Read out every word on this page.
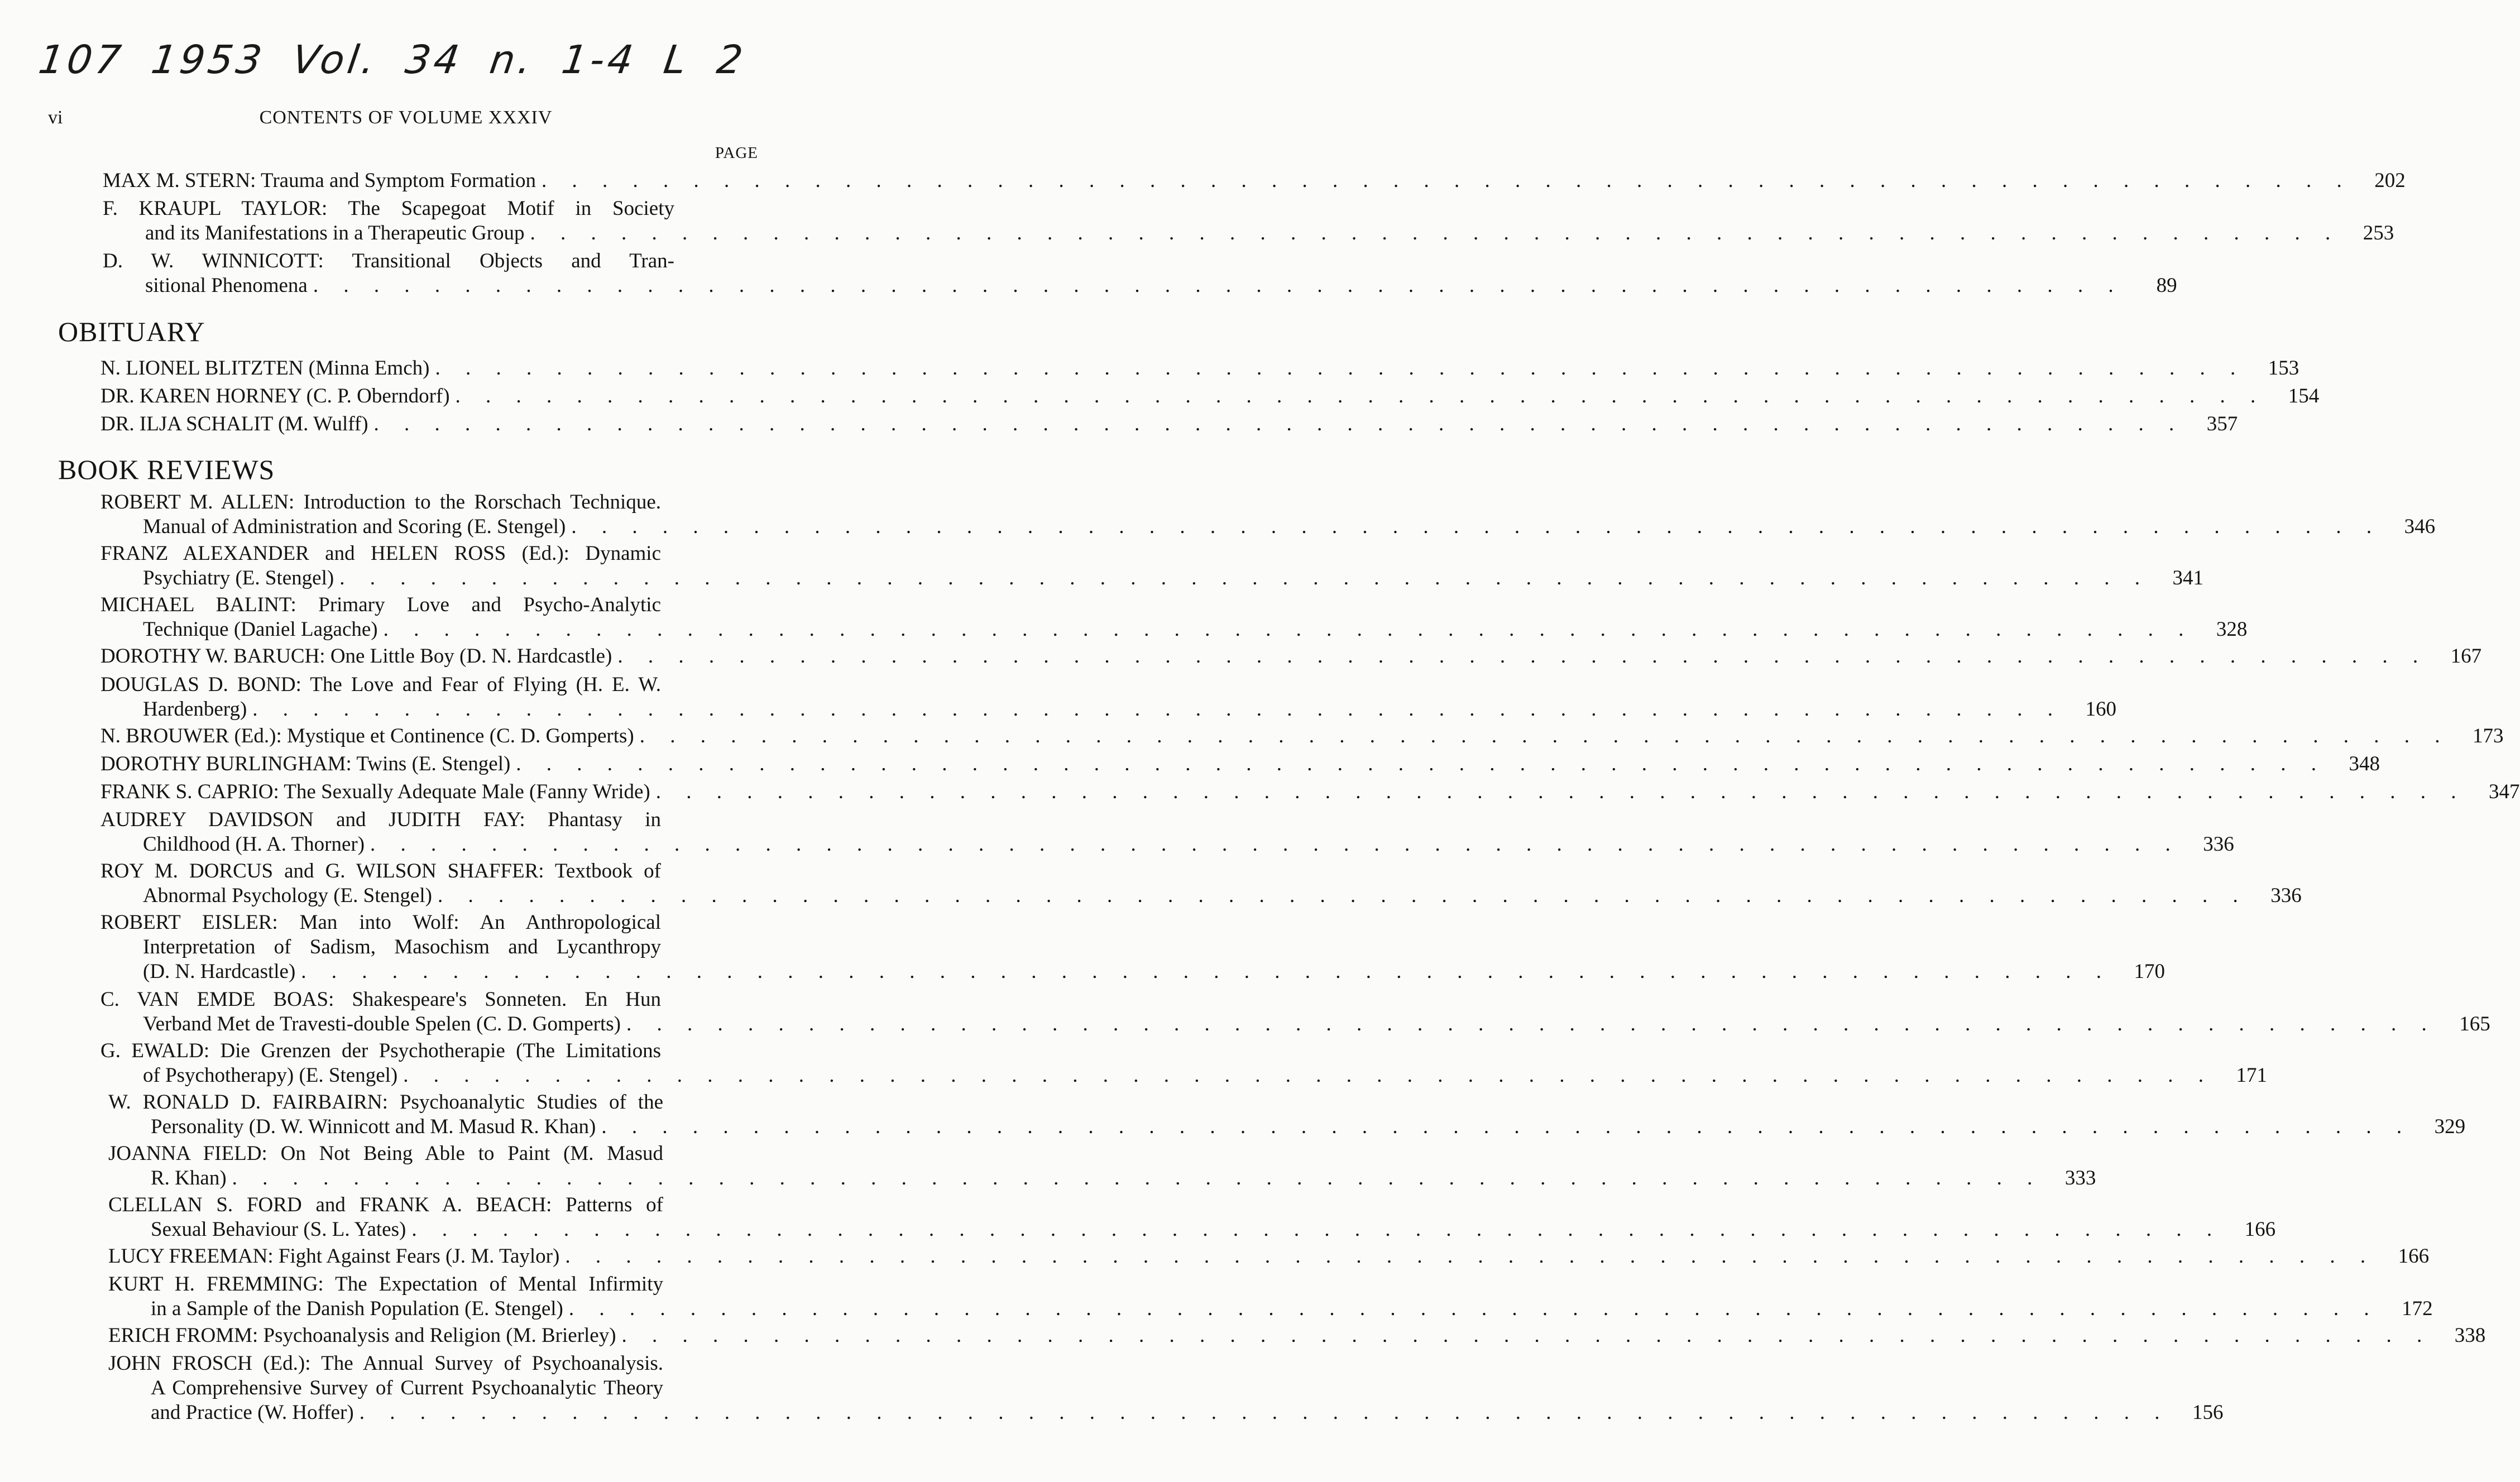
107 1953 Vol. 34 n. 1-4 L 2
vi	CONTENTS OF VOLUME XXXIV
PAGE
MAX M. STERN: Trauma and Symptom Formation . . . . . . . . . . . . . . . . . . . . . . . . . . . . . . . . . . . . . . . . . . . . . . . . . . . . . . . . . . . .	202
F. KRAUPL TAYLOR: The Scapegoat Motif in Society
and its Manifestations in a Therapeutic Group . . . . . . . . . . . . . . . . . . . . . . . . . . . . . . . . . . . . . . . . . . . . . . . . . . . . . . . . . . . .	253
D. W. WINNICOTT: Transitional Objects and Tran-
sitional Phenomena . . . . . . . . . . . . . . . . . . . . . . . . . . . . . . . . . . . . . . . . . . . . . . . . . . . . . . . . . . . .	89
OBITUARY
N. LIONEL BLITZTEN (Minna Emch) . . . . . . . . . . . . . . . . . . . . . . . . . . . . . . . . . . . . . . . . . . . . . . . . . . . . . . . . . . . .	153
DR. KAREN HORNEY (C. P. Oberndorf) . . . . . . . . . . . . . . . . . . . . . . . . . . . . . . . . . . . . . . . . . . . . . . . . . . . . . . . . . . . .	154
DR. ILJA SCHALIT (M. Wulff) . . . . . . . . . . . . . . . . . . . . . . . . . . . . . . . . . . . . . . . . . . . . . . . . . . . . . . . . . . . .	357
BOOK REVIEWS
ROBERT M. ALLEN: Introduction to the Rorschach Technique.
Manual of Administration and Scoring (E. Stengel) . . . . . . . . . . . . . . . . . . . . . . . . . . . . . . . . . . . . . . . . . . . . . . . . . . . . . . . . . . . .	346
FRANZ ALEXANDER and HELEN ROSS (Ed.): Dynamic
Psychiatry (E. Stengel) . . . . . . . . . . . . . . . . . . . . . . . . . . . . . . . . . . . . . . . . . . . . . . . . . . . . . . . . . . . .	341
MICHAEL BALINT: Primary Love and Psycho-Analytic
Technique (Daniel Lagache) . . . . . . . . . . . . . . . . . . . . . . . . . . . . . . . . . . . . . . . . . . . . . . . . . . . . . . . . . . . .	328
DOROTHY W. BARUCH: One Little Boy (D. N. Hardcastle) . . . . . . . . . . . . . . . . . . . . . . . . . . . . . . . . . . . . . . . . . . . . . . . . . . . . . . . . . . . .	167
DOUGLAS D. BOND: The Love and Fear of Flying (H. E. W.
Hardenberg) . . . . . . . . . . . . . . . . . . . . . . . . . . . . . . . . . . . . . . . . . . . . . . . . . . . . . . . . . . . .	160
N. BROUWER (Ed.): Mystique et Continence (C. D. Gomperts) . . . . . . . . . . . . . . . . . . . . . . . . . . . . . . . . . . . . . . . . . . . . . . . . . . . . . . . . . . . .	173
DOROTHY BURLINGHAM: Twins (E. Stengel) . . . . . . . . . . . . . . . . . . . . . . . . . . . . . . . . . . . . . . . . . . . . . . . . . . . . . . . . . . . .	348
FRANK S. CAPRIO: The Sexually Adequate Male (Fanny Wride) . . . . . . . . . . . . . . . . . . . . . . . . . . . . . . . . . . . . . . . . . . . . . . . . . . . . . . . . . . . .	347
AUDREY DAVIDSON and JUDITH FAY: Phantasy in
Childhood (H. A. Thorner) . . . . . . . . . . . . . . . . . . . . . . . . . . . . . . . . . . . . . . . . . . . . . . . . . . . . . . . . . . . .	336
ROY M. DORCUS and G. WILSON SHAFFER: Textbook of
Abnormal Psychology (E. Stengel) . . . . . . . . . . . . . . . . . . . . . . . . . . . . . . . . . . . . . . . . . . . . . . . . . . . . . . . . . . . .	336
ROBERT EISLER: Man into Wolf: An Anthropological
Interpretation of Sadism, Masochism and Lycanthropy
(D. N. Hardcastle) . . . . . . . . . . . . . . . . . . . . . . . . . . . . . . . . . . . . . . . . . . . . . . . . . . . . . . . . . . . .	170
C. VAN EMDE BOAS: Shakespeare's Sonneten. En Hun
Verband Met de Travesti-double Spelen (C. D. Gomperts) . . . . . . . . . . . . . . . . . . . . . . . . . . . . . . . . . . . . . . . . . . . . . . . . . . . . . . . . . . . .	165
G. EWALD: Die Grenzen der Psychotherapie (The Limitations
of Psychotherapy) (E. Stengel) . . . . . . . . . . . . . . . . . . . . . . . . . . . . . . . . . . . . . . . . . . . . . . . . . . . . . . . . . . . .	171
W. RONALD D. FAIRBAIRN: Psychoanalytic Studies of the
Personality (D. W. Winnicott and M. Masud R. Khan) . . . . . . . . . . . . . . . . . . . . . . . . . . . . . . . . . . . . . . . . . . . . . . . . . . . . . . . . . . . .	329
JOANNA FIELD: On Not Being Able to Paint (M. Masud
R. Khan) . . . . . . . . . . . . . . . . . . . . . . . . . . . . . . . . . . . . . . . . . . . . . . . . . . . . . . . . . . . .	333
CLELLAN S. FORD and FRANK A. BEACH: Patterns of
Sexual Behaviour (S. L. Yates) . . . . . . . . . . . . . . . . . . . . . . . . . . . . . . . . . . . . . . . . . . . . . . . . . . . . . . . . . . . .	166
LUCY FREEMAN: Fight Against Fears (J. M. Taylor) . . . . . . . . . . . . . . . . . . . . . . . . . . . . . . . . . . . . . . . . . . . . . . . . . . . . . . . . . . . .	166
KURT H. FREMMING: The Expectation of Mental Infirmity
in a Sample of the Danish Population (E. Stengel) . . . . . . . . . . . . . . . . . . . . . . . . . . . . . . . . . . . . . . . . . . . . . . . . . . . . . . . . . . . .	172
ERICH FROMM: Psychoanalysis and Religion (M. Brierley) . . . . . . . . . . . . . . . . . . . . . . . . . . . . . . . . . . . . . . . . . . . . . . . . . . . . . . . . . . . .	338
JOHN FROSCH (Ed.): The Annual Survey of Psychoanalysis.
A Comprehensive Survey of Current Psychoanalytic Theory
and Practice (W. Hoffer) . . . . . . . . . . . . . . . . . . . . . . . . . . . . . . . . . . . . . . . . . . . . . . . . . . . . . . . . . . . .	156
